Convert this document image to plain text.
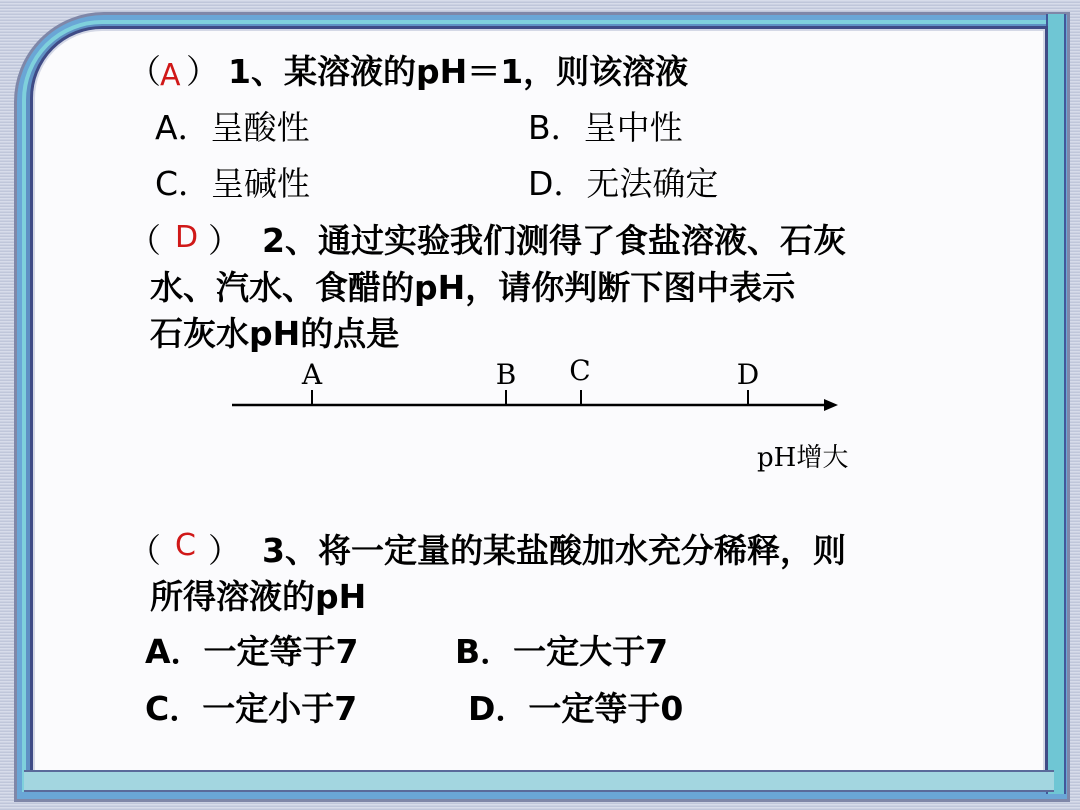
（ A ） 1、某溶液的pH＝1，则该溶液
A．呈酸性	B．呈中性
C．呈碱性	D．无法确定
（ D ） 2、通过实验我们测得了食盐溶液、石灰
水、汽水、食醋的pH，请你判断下图中表示
石灰水pH的点是
A	B C	D
pH增大
（ C ） 3、将一定量的某盐酸加水充分稀释，则
所得溶液的pH
A．一定等于7	B．一定大于7
C．一定小于7	D．一定等于0
